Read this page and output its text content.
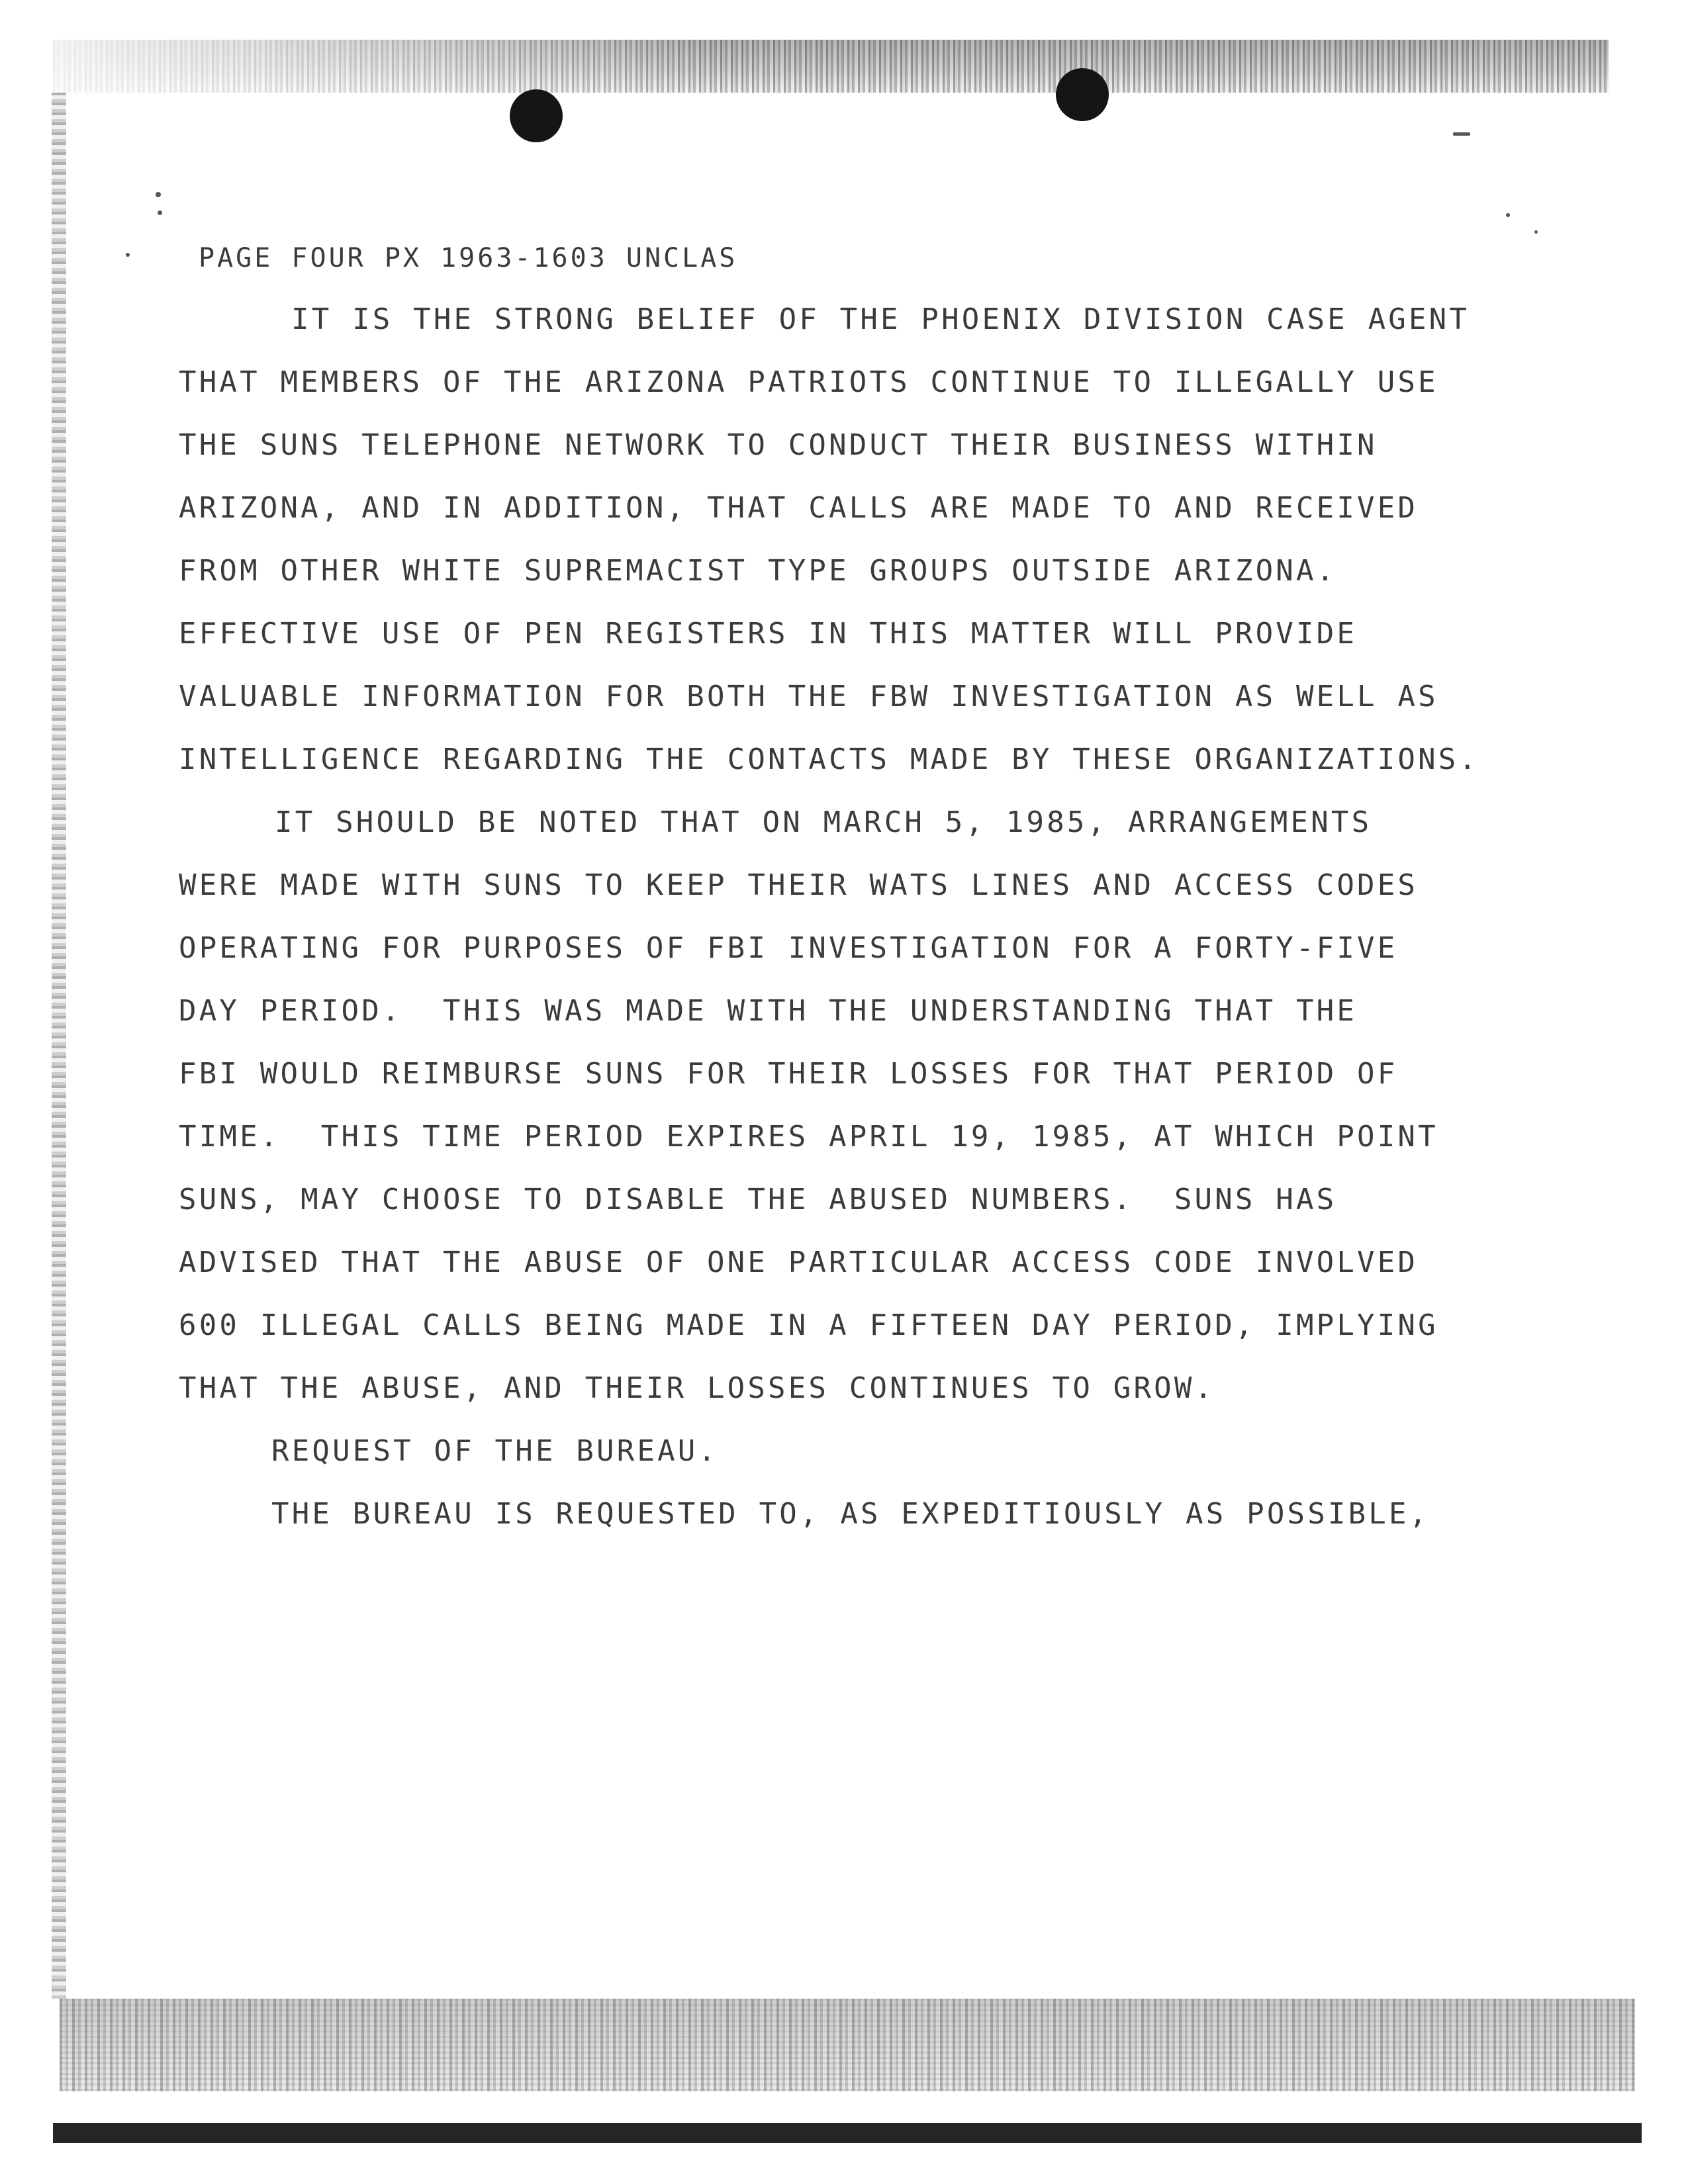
PAGE FOUR PX 1963-1603 UNCLAS
IT IS THE STRONG BELIEF OF THE PHOENIX DIVISION CASE AGENT
THAT MEMBERS OF THE ARIZONA PATRIOTS CONTINUE TO ILLEGALLY USE
THE SUNS TELEPHONE NETWORK TO CONDUCT THEIR BUSINESS WITHIN
ARIZONA, AND IN ADDITION, THAT CALLS ARE MADE TO AND RECEIVED
FROM OTHER WHITE SUPREMACIST TYPE GROUPS OUTSIDE ARIZONA.
EFFECTIVE USE OF PEN REGISTERS IN THIS MATTER WILL PROVIDE
VALUABLE INFORMATION FOR BOTH THE FBW INVESTIGATION AS WELL AS
INTELLIGENCE REGARDING THE CONTACTS MADE BY THESE ORGANIZATIONS.
IT SHOULD BE NOTED THAT ON MARCH 5, 1985, ARRANGEMENTS
WERE MADE WITH SUNS TO KEEP THEIR WATS LINES AND ACCESS CODES
OPERATING FOR PURPOSES OF FBI INVESTIGATION FOR A FORTY-FIVE
DAY PERIOD.  THIS WAS MADE WITH THE UNDERSTANDING THAT THE
FBI WOULD REIMBURSE SUNS FOR THEIR LOSSES FOR THAT PERIOD OF
TIME.  THIS TIME PERIOD EXPIRES APRIL 19, 1985, AT WHICH POINT
SUNS, MAY CHOOSE TO DISABLE THE ABUSED NUMBERS.  SUNS HAS
ADVISED THAT THE ABUSE OF ONE PARTICULAR ACCESS CODE INVOLVED
600 ILLEGAL CALLS BEING MADE IN A FIFTEEN DAY PERIOD, IMPLYING
THAT THE ABUSE, AND THEIR LOSSES CONTINUES TO GROW.
REQUEST OF THE BUREAU.
THE BUREAU IS REQUESTED TO, AS EXPEDITIOUSLY AS POSSIBLE,
